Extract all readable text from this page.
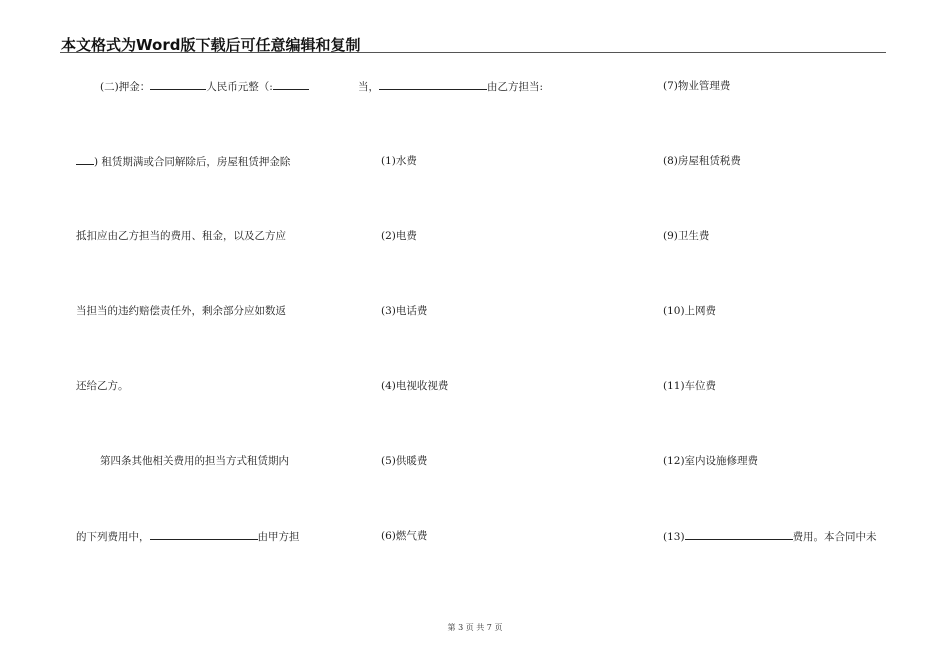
本文格式为Word版下载后可任意编辑和复制
(二)押金：	人民币元整（:
) 租赁期满或合同解除后，房屋租赁押金除
抵扣应由乙方担当的费用、租金，以及乙方应
当担当的违约赔偿责任外，剩余部分应如数返
还给乙方。
第四条其他相关费用的担当方式租赁期内
的下列费用中，	由甲方担
当，	由乙方担当:
(1)水费
(2)电费
(3)电话费
(4)电视收视费
(5)供暖费
(6)燃气费
(7)物业管理费
(8)房屋租赁税费
(9)卫生费
(10)上网费
(11)车位费
(12)室内设施修理费
(13)	费用。本合同中未
第 3 页 共 7 页
